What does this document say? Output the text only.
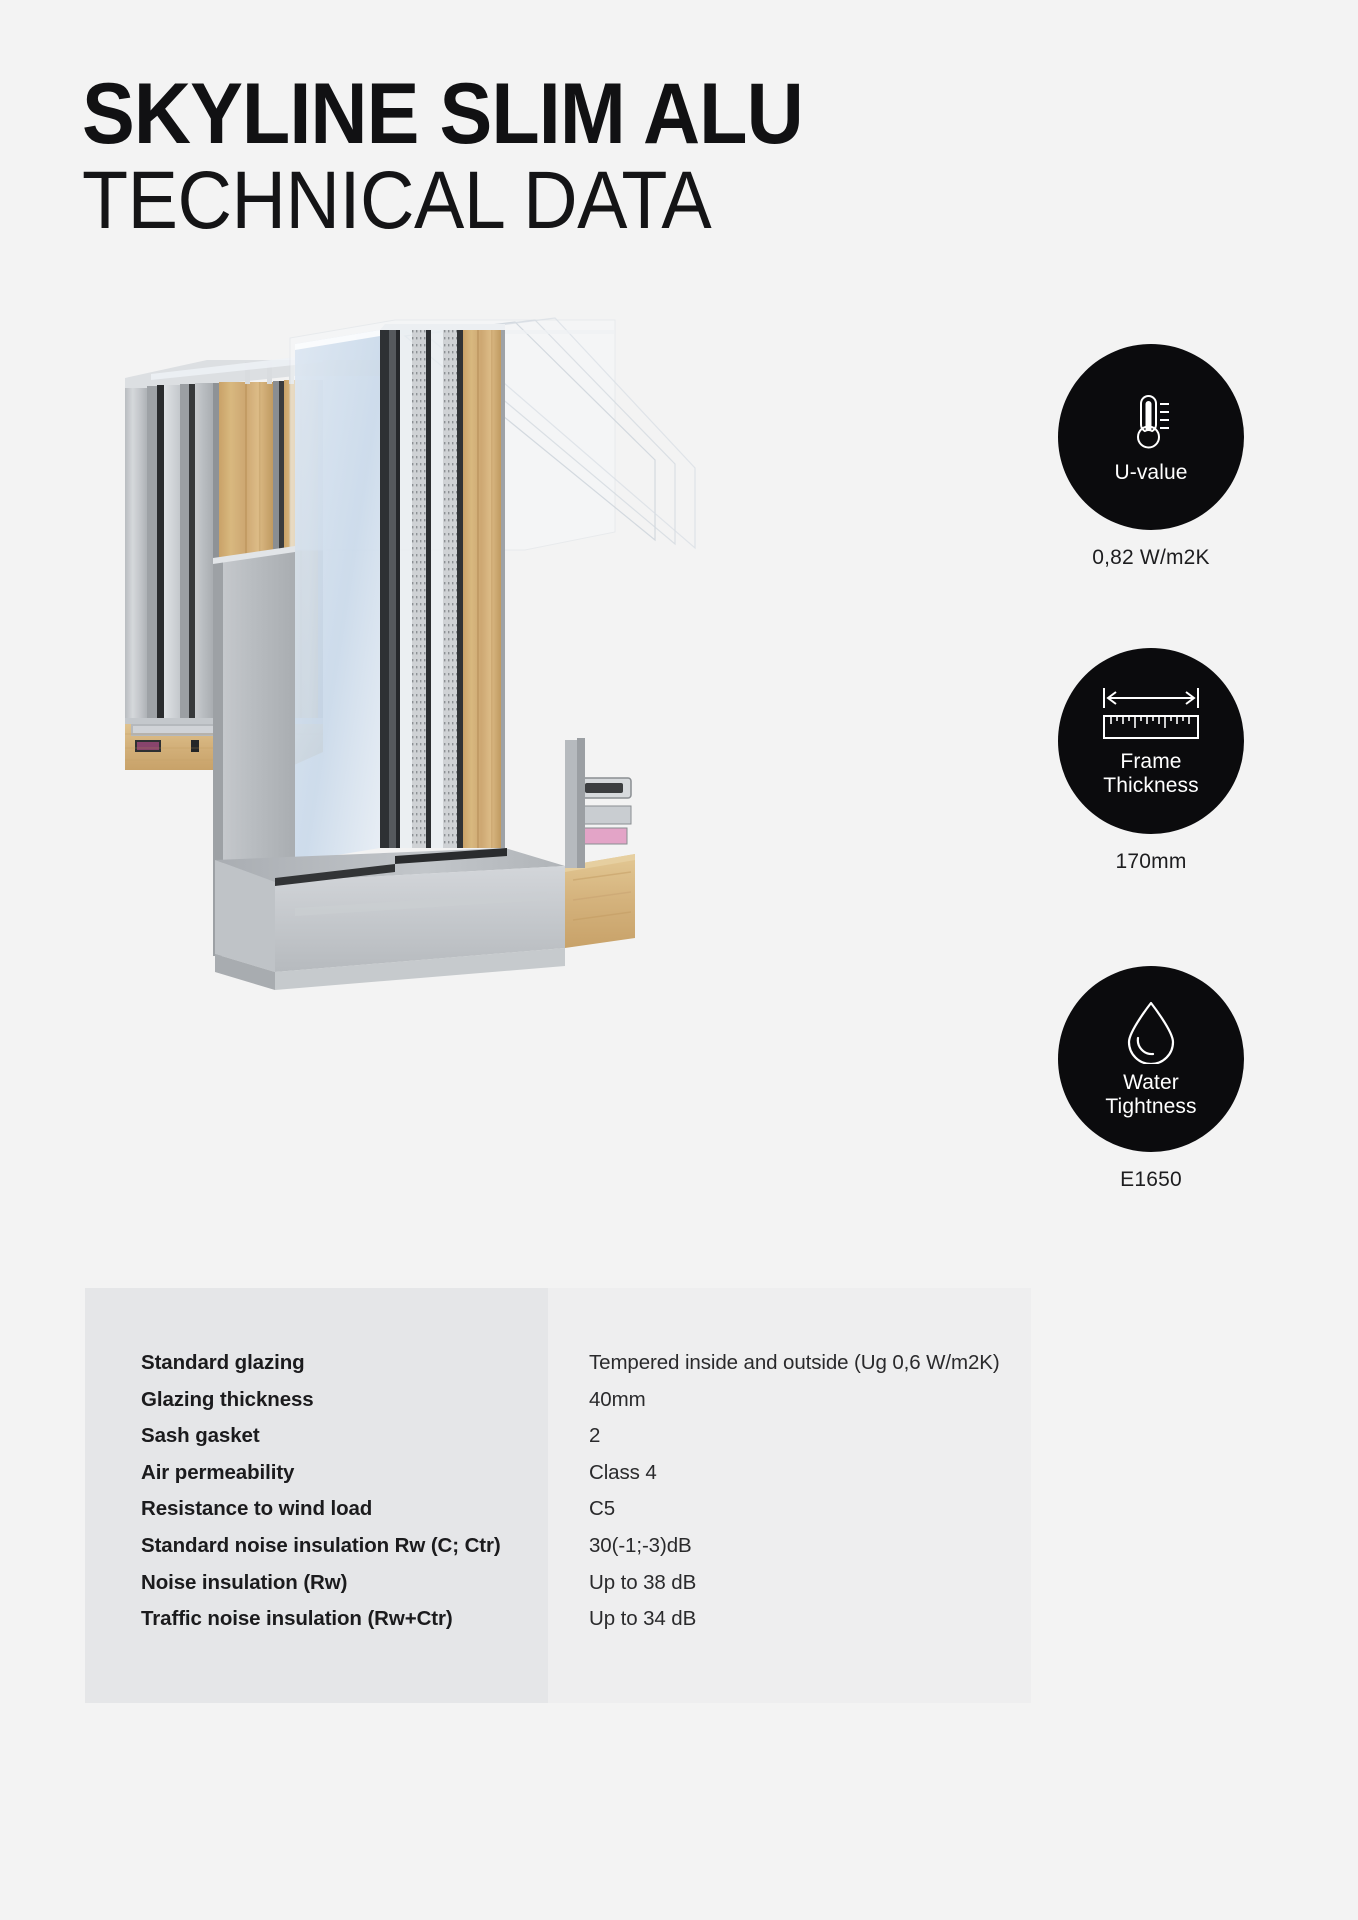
SKYLINE SLIM ALU
TECHNICAL DATA
U-value
0,82 W/m2K
Frame
Thickness
170mm
Water
Tightness
E1650
Standard glazing
Glazing thickness
Sash gasket
Air permeability
Resistance to wind load
Standard noise insulation Rw (C; Ctr)
Noise insulation (Rw)
Traffic noise insulation (Rw+Ctr)
Tempered inside and outside (Ug 0,6 W/m2K)
40mm
2
Class 4
C5
30(-1;-3)dB
Up to 38 dB
Up to 34 dB
